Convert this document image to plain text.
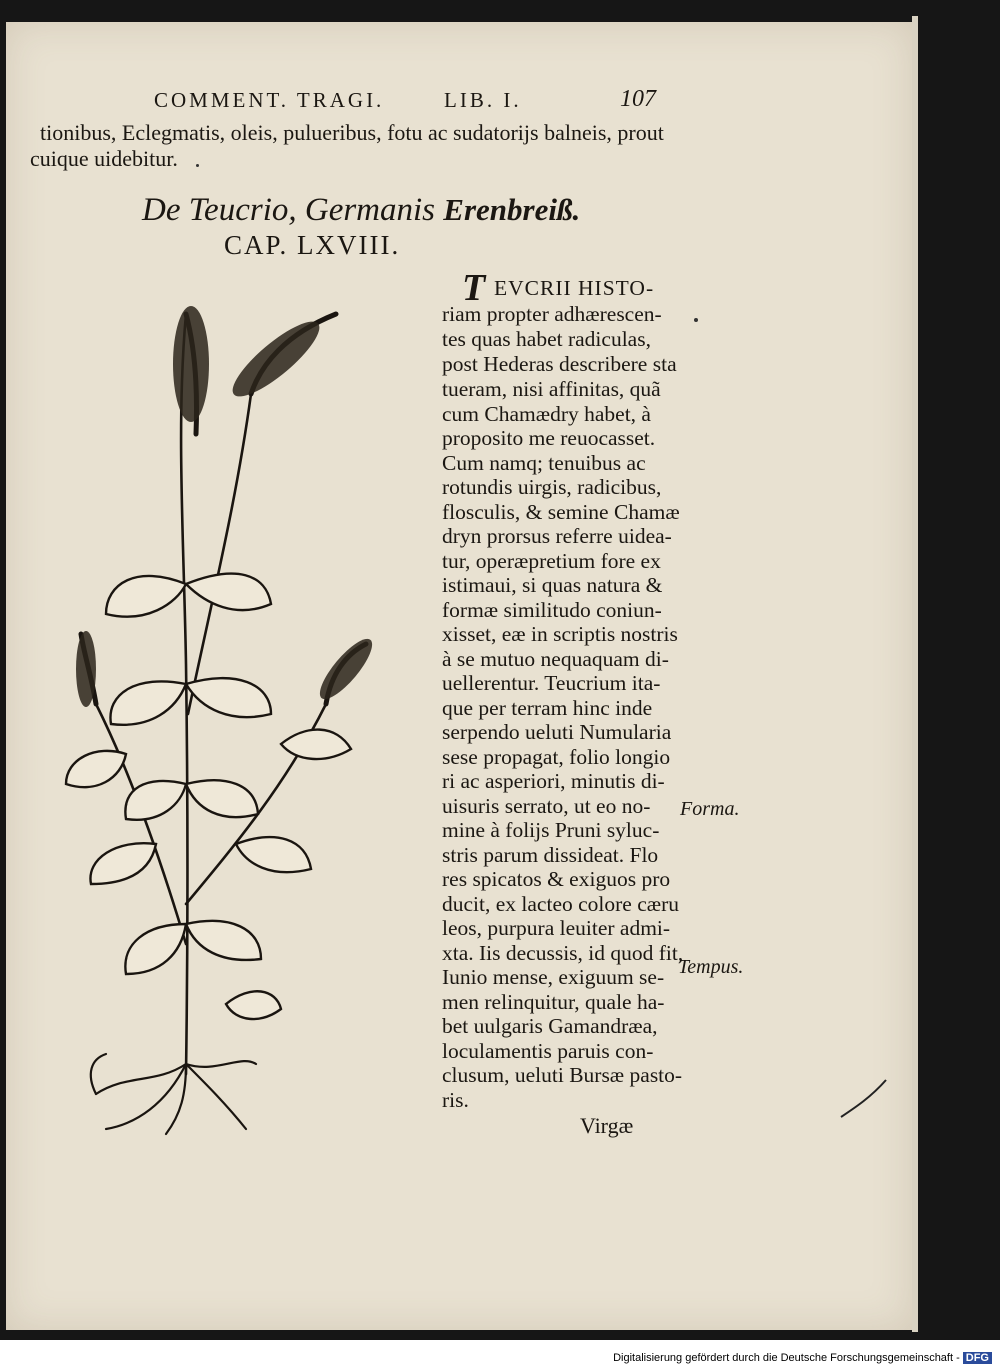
COMMENT. TRAGI.	LIB. I.	107
tionibus, Eclegmatis, oleis, pulueribus, fotu ac sudatorijs balneis, prout
cuique uidebitur.
De Teucrio, Germanis Erenbreiß.
CAP. LXVIII.
T EVCRII HISTO-
riam propter adhærescen-
tes quas habet radiculas,
post Hederas describere sta
tueram, nisi affinitas, quã
cum Chamædry habet, à
proposito me reuocasset.
Cum namq; tenuibus ac
rotundis uirgis, radicibus,
flosculis, & semine Chamæ
dryn prorsus referre uidea-
tur, operæpretium fore ex
istimaui, si quas natura &
formæ similitudo coniun-
xisset, eæ in scriptis nostris
à se mutuo nequaquam di-
uellerentur. Teucrium ita-
que per terram hinc inde
serpendo ueluti Numularia
sese propagat, folio longio
ri ac asperiori, minutis di-
uisuris serrato, ut eo no-
mine à folijs Pruni syluc-
stris parum dissideat. Flo
res spicatos & exiguos pro
ducit, ex lacteo colore cæru
leos, purpura leuiter admi-
xta. Iis decussis, id quod fit,
Iunio mense, exiguum se-
men relinquitur, quale ha-
bet uulgaris Gamandræa,
loculamentis paruis con-
clusum, ueluti Bursæ pasto-
ris.
Forma.
Tempus.
Virgæ
Digitalisierung gefördert durch die Deutsche Forschungsgemeinschaft - DFG
